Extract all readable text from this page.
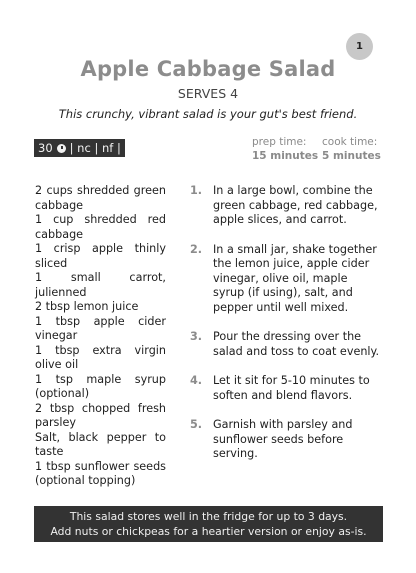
1
Apple Cabbage Salad
SERVES 4
This crunchy, vibrant salad is your gut's best friend.
30 | nc | nf |	prep time:
15 minutes
cook time:
5 minutes
2 cups shredded green cabbage
1 cup shredded red cabbage
1 crisp apple thinly sliced
1 small carrot, julienned
2 tbsp lemon juice
1 tbsp apple cider vinegar
1 tbsp extra virgin olive oil
1 tsp maple syrup (optional)
2 tbsp chopped fresh parsley
Salt, black pepper to taste
1 tbsp sunflower seeds (optional topping)
1. In a large bowl, combine the green cabbage, red cabbage, apple slices, and carrot.
2. In a small jar, shake together the lemon juice, apple cider vinegar, olive oil, maple syrup (if using), salt, and pepper until well mixed.
3. Pour the dressing over the salad and toss to coat evenly.
4. Let it sit for 5-10 minutes to soften and blend flavors.
5. Garnish with parsley and sunflower seeds before serving.
This salad stores well in the fridge for up to 3 days.
Add nuts or chickpeas for a heartier version or enjoy as-is.
